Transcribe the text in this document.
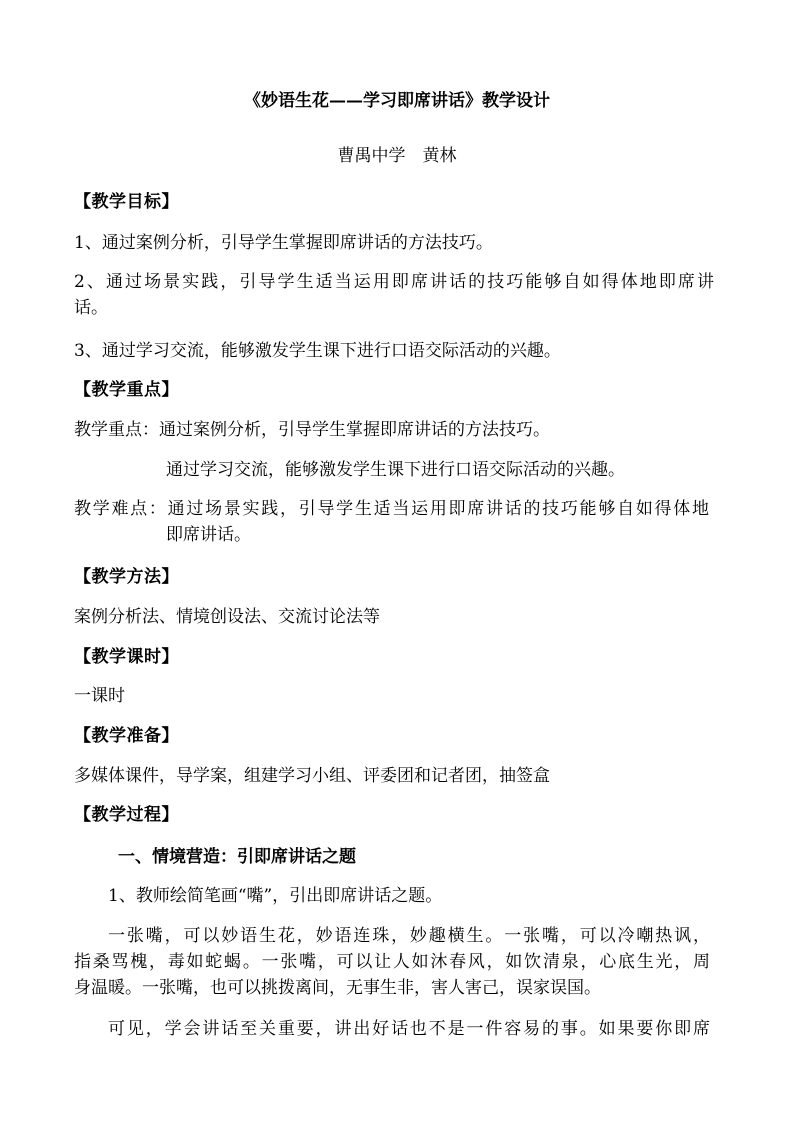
《妙语生花——学习即席讲话》教学设计
曹禺中学　黄林
【教学目标】
1、通过案例分析，引导学生掌握即席讲话的方法技巧。
2、通过场景实践，引导学生适当运用即席讲话的技巧能够自如得体地即席讲
话。
3、通过学习交流，能够激发学生课下进行口语交际活动的兴趣。
【教学重点】
教学重点：通过案例分析，引导学生掌握即席讲话的方法技巧。
通过学习交流，能够激发学生课下进行口语交际活动的兴趣。
教学难点：通过场景实践，引导学生适当运用即席讲话的技巧能够自如得体地
即席讲话。
【教学方法】
案例分析法、情境创设法、交流讨论法等
【教学课时】
一课时
【教学准备】
多媒体课件，导学案，组建学习小组、评委团和记者团，抽签盒
【教学过程】
一、情境营造：引即席讲话之题
1、教师绘简笔画“嘴”，引出即席讲话之题。
一张嘴，可以妙语生花，妙语连珠，妙趣横生。一张嘴，可以冷嘲热讽，
指桑骂槐，毒如蛇蝎。一张嘴，可以让人如沐春风，如饮清泉，心底生光，周
身温暖。一张嘴，也可以挑拨离间，无事生非，害人害己，误家误国。
可见，学会讲话至关重要，讲出好话也不是一件容易的事。如果要你即席
